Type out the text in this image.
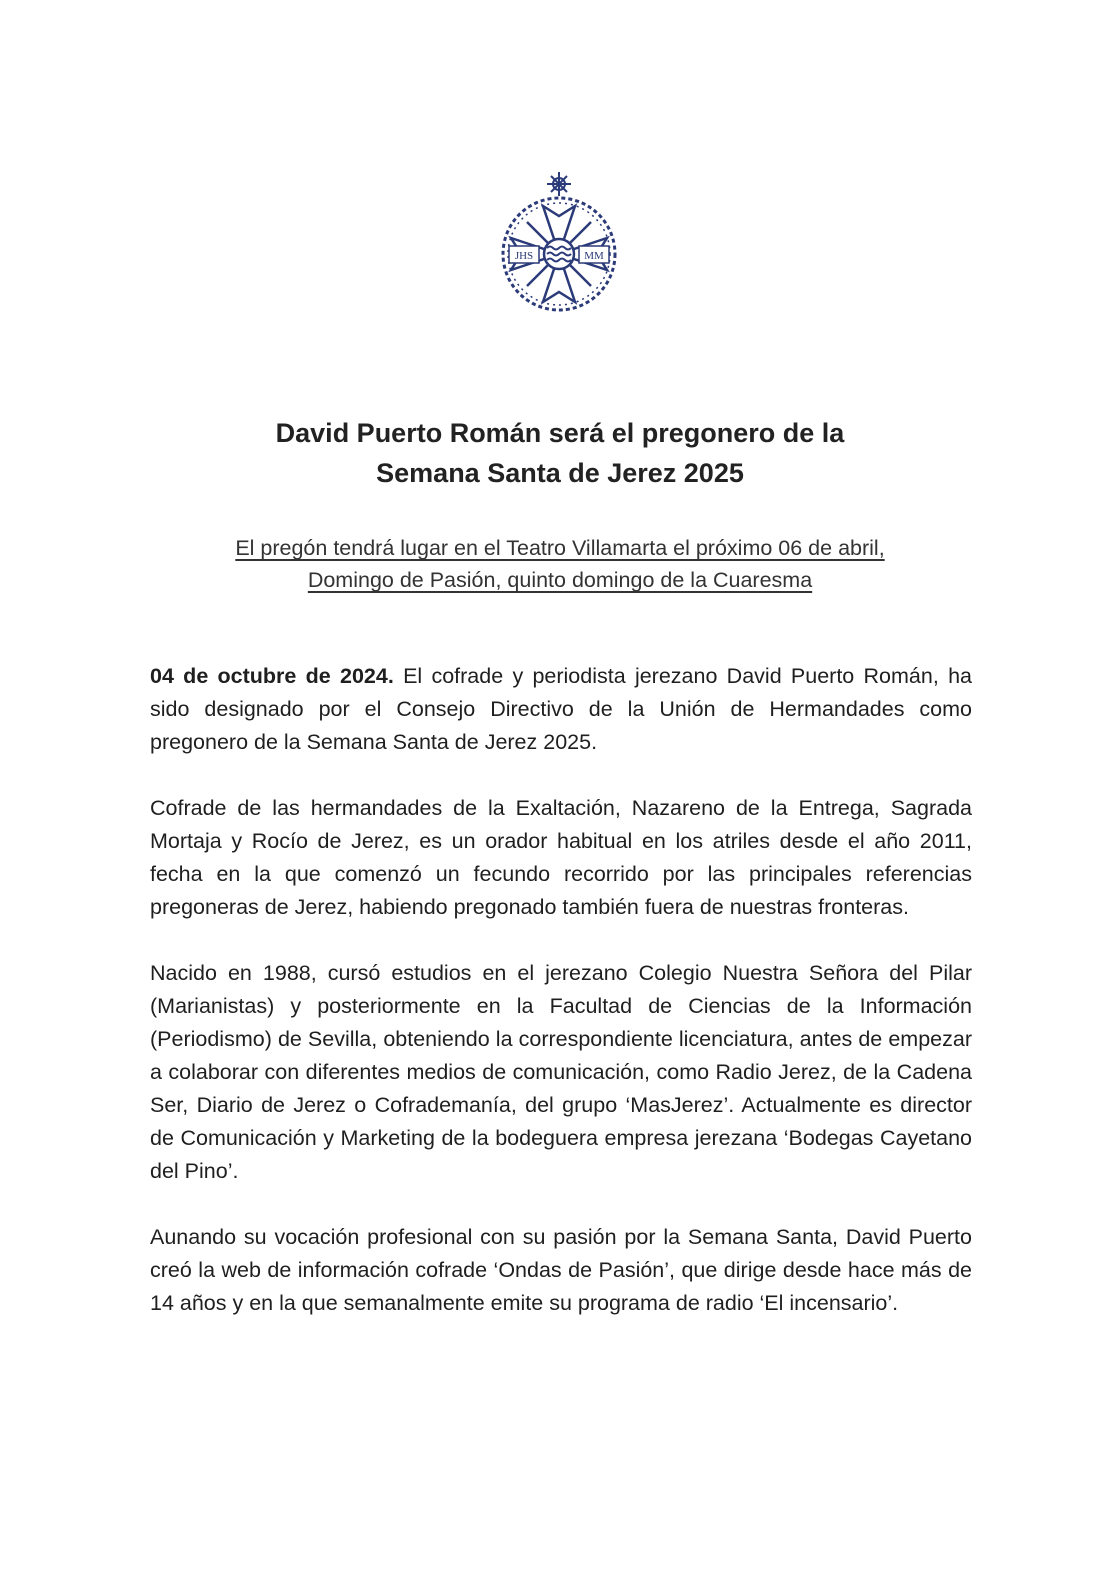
JHS	MM
David Puerto Román será el pregonero de la
Semana Santa de Jerez 2025

El pregón tendrá lugar en el Teatro Villamarta el próximo 06 de abril,
Domingo de Pasión, quinto domingo de la Cuaresma

04 de octubre de 2024. El cofrade y periodista jerezano David Puerto Román, ha sido designado por el Consejo Directivo de la Unión de Hermandades como pregonero de la Semana Santa de Jerez 2025.

Cofrade de las hermandades de la Exaltación, Nazareno de la Entrega, Sagrada Mortaja y Rocío de Jerez, es un orador habitual en los atriles desde el año 2011, fecha en la que comenzó un fecundo recorrido por las principales referencias pregoneras de Jerez, habiendo pregonado también fuera de nuestras fronteras.

Nacido en 1988, cursó estudios en el jerezano Colegio Nuestra Señora del Pilar (Marianistas) y posteriormente en la Facultad de Ciencias de la Información (Periodismo) de Sevilla, obteniendo la correspondiente licenciatura, antes de empezar a colaborar con diferentes medios de comunicación, como Radio Jerez, de la Cadena Ser, Diario de Jerez o Cofrademanía, del grupo ‘MasJerez’. Actualmente es director de Comunicación y Marketing de la bodeguera empresa jerezana ‘Bodegas Cayetano del Pino’.

Aunando su vocación profesional con su pasión por la Semana Santa, David Puerto creó la web de información cofrade ‘Ondas de Pasión’, que dirige desde hace más de 14 años y en la que semanalmente emite su programa de radio ‘El incensario’.
